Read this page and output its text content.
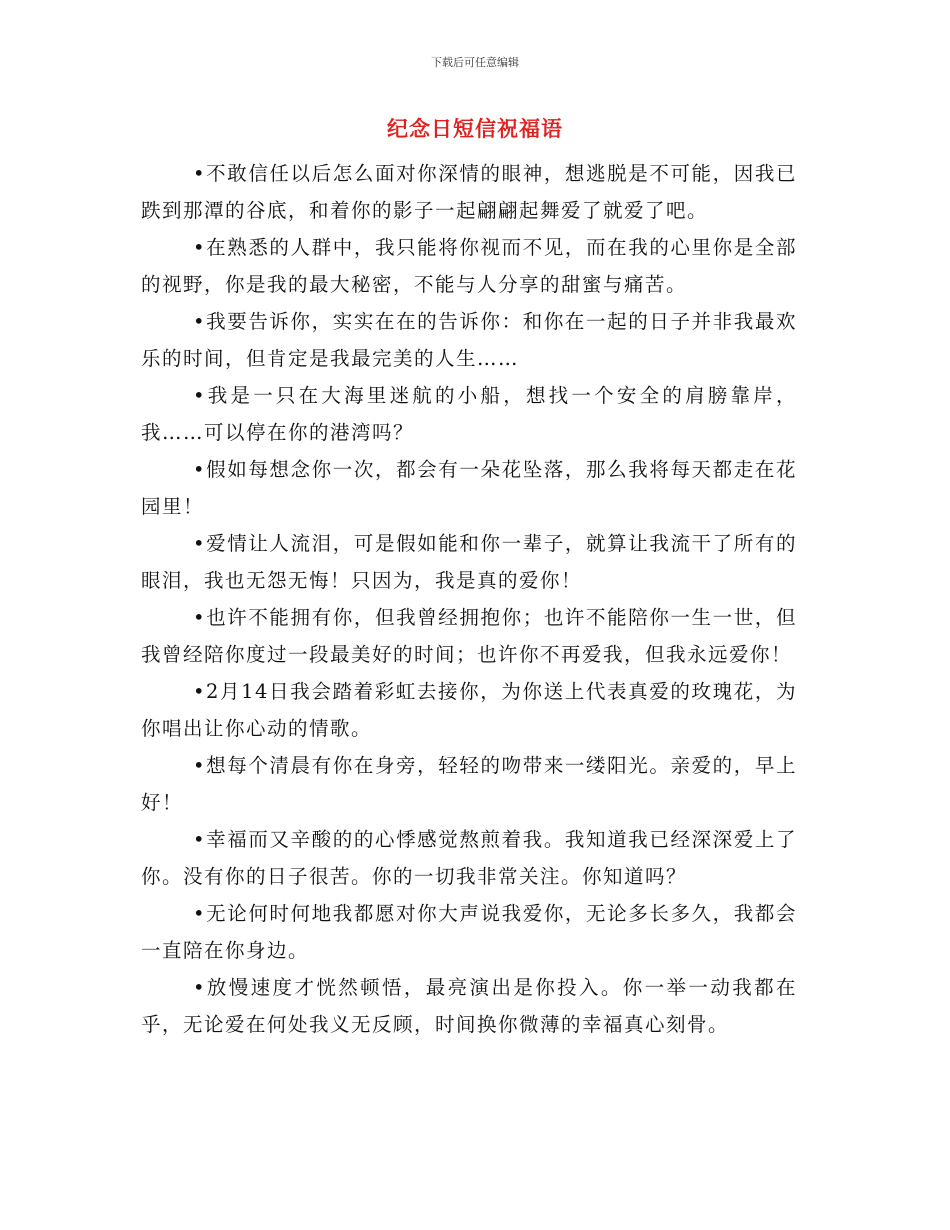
下载后可任意编辑
纪念日短信祝福语

•不敢信任以后怎么面对你深情的眼神，想逃脱是不可能，因我已跌到那潭的谷底，和着你的影子一起翩翩起舞爱了就爱了吧。

•在熟悉的人群中，我只能将你视而不见，而在我的心里你是全部的视野，你是我的最大秘密，不能与人分享的甜蜜与痛苦。

•我要告诉你，实实在在的告诉你：和你在一起的日子并非我最欢乐的时间，但肯定是我最完美的人生……

•我是一只在大海里迷航的小船，想找一个安全的肩膀靠岸，我……可以停在你的港湾吗？

•假如每想念你一次，都会有一朵花坠落，那么我将每天都走在花园里！

•爱情让人流泪，可是假如能和你一辈子，就算让我流干了所有的眼泪，我也无怨无悔！只因为，我是真的爱你！

•也许不能拥有你，但我曾经拥抱你；也许不能陪你一生一世，但我曾经陪你度过一段最美好的时间；也许你不再爱我，但我永远爱你！

•2月14日我会踏着彩虹去接你，为你送上代表真爱的玫瑰花，为你唱出让你心动的情歌。

•想每个清晨有你在身旁，轻轻的吻带来一缕阳光。亲爱的，早上好！

•幸福而又辛酸的的心悸感觉熬煎着我。我知道我已经深深爱上了你。没有你的日子很苦。你的一切我非常关注。你知道吗？

•无论何时何地我都愿对你大声说我爱你，无论多长多久，我都会一直陪在你身边。

•放慢速度才恍然顿悟，最亮演出是你投入。你一举一动我都在乎，无论爱在何处我义无反顾，时间换你微薄的幸福真心刻骨。
